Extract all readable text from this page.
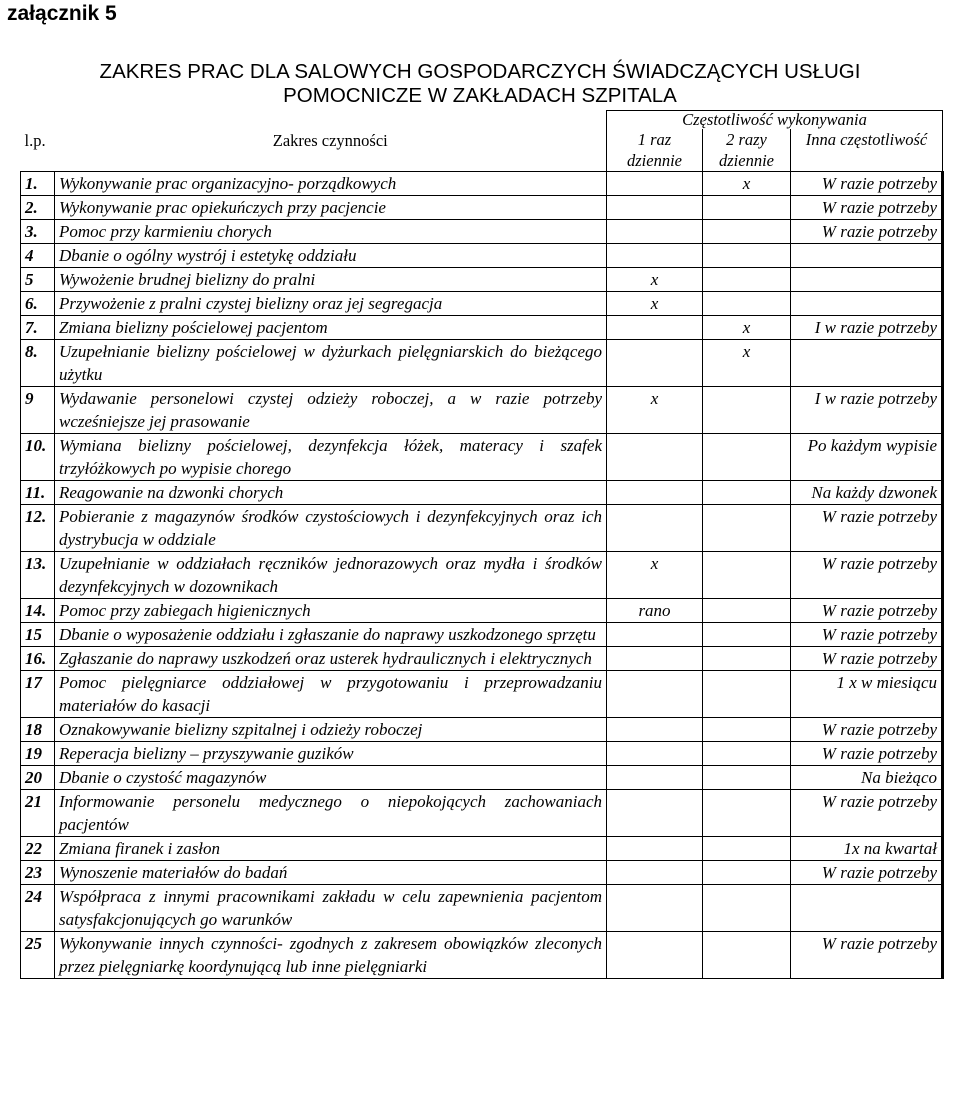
załącznik 5
ZAKRES PRAC DLA SALOWYCH GOSPODARCZYCH ŚWIADCZĄCYCH USŁUGI
POMOCNICZE W ZAKŁADACH SZPITALA
l.p.	Zakres czynności	Częstotliwość wykonywania		
		1 raz dziennie	2 razy dziennie	Inna częstotliwość
1.	Wykonywanie prac organizacyjno- porządkowych		x	W razie potrzeby
2.	Wykonywanie prac opiekuńczych przy pacjencie			W razie potrzeby
3.	Pomoc przy karmieniu chorych			W razie potrzeby
4	Dbanie o ogólny wystrój i estetykę oddziału			
5	Wywożenie brudnej bielizny do pralni	x		
6.	Przywożenie z pralni czystej bielizny oraz jej segregacja	x		
7.	Zmiana bielizny pościelowej pacjentom		x	I w razie potrzeby
8.	Uzupełnianie bielizny pościelowej w dyżurkach pielęgniarskich do bieżącego użytku		x	
9	Wydawanie personelowi czystej odzieży roboczej, a w razie potrzeby wcześniejsze jej prasowanie	x		I w razie potrzeby
10.	Wymiana bielizny pościelowej, dezynfekcja łóżek, materacy i szafek trzyłóżkowych po wypisie chorego			Po każdym wypisie
11.	Reagowanie na dzwonki chorych			Na każdy dzwonek
12.	Pobieranie z magazynów środków czystościowych i dezynfekcyjnych oraz ich dystrybucja w oddziale			W razie potrzeby
13.	Uzupełnianie w oddziałach ręczników jednorazowych oraz mydła i środków dezynfekcyjnych w dozownikach	x		W razie potrzeby
14.	Pomoc przy zabiegach higienicznych	rano		W razie potrzeby
15	Dbanie o wyposażenie oddziału i zgłaszanie do naprawy uszkodzonego sprzętu			W razie potrzeby
16.	Zgłaszanie do naprawy uszkodzeń oraz usterek hydraulicznych i elektrycznych			W razie potrzeby
17	Pomoc pielęgniarce oddziałowej w przygotowaniu i przeprowadzaniu materiałów do kasacji			1 x w miesiącu
18	Oznakowywanie bielizny szpitalnej i odzieży roboczej			W razie potrzeby
19	Reperacja bielizny – przyszywanie guzików			W razie potrzeby
20	Dbanie o czystość magazynów			Na bieżąco
21	Informowanie personelu medycznego o niepokojących zachowaniach pacjentów			W razie potrzeby
22	Zmiana firanek i zasłon			1x na kwartał
23	Wynoszenie materiałów do badań			W razie potrzeby
24	Współpraca z innymi pracownikami zakładu w celu zapewnienia pacjentom satysfakcjonujących go warunków			
25	Wykonywanie innych czynności- zgodnych z zakresem obowiązków zleconych przez pielęgniarkę koordynującą lub inne pielęgniarki			W razie potrzeby
